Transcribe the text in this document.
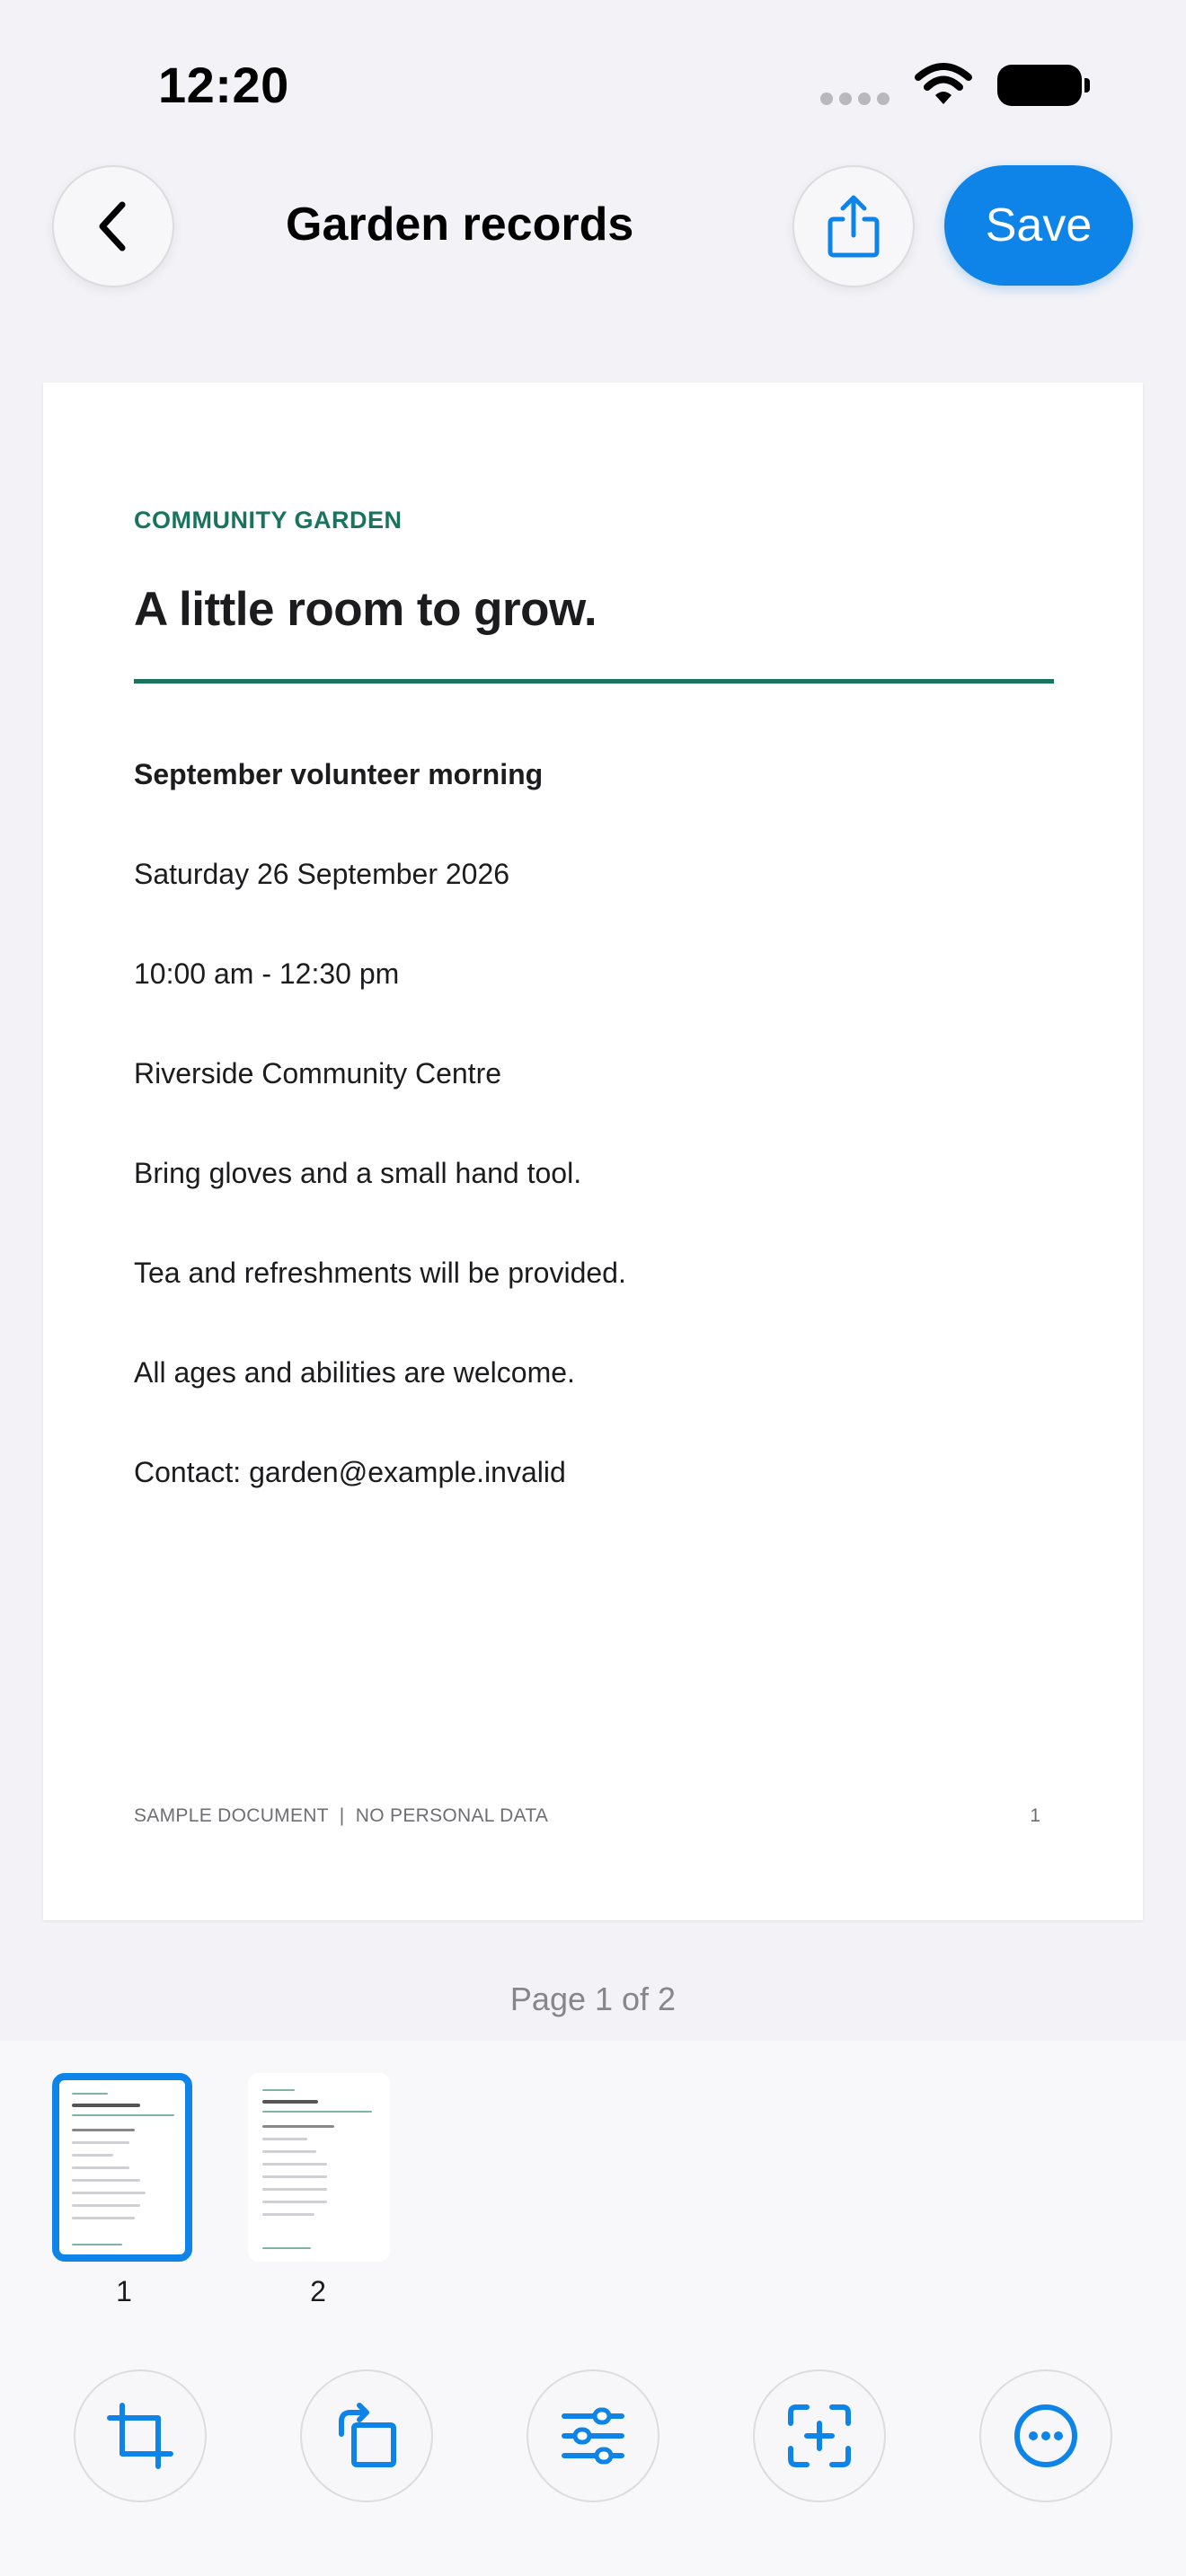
12:20
Garden records	Save
COMMUNITY GARDEN
A little room to grow.
September volunteer morning
Saturday 26 September 2026
10:00 am - 12:30 pm
Riverside Community Centre
Bring gloves and a small hand tool.
Tea and refreshments will be provided.
All ages and abilities are welcome.
Contact: garden@example.invalid
SAMPLE DOCUMENT  |  NO PERSONAL DATA	1
Page 1 of 2
1	2
